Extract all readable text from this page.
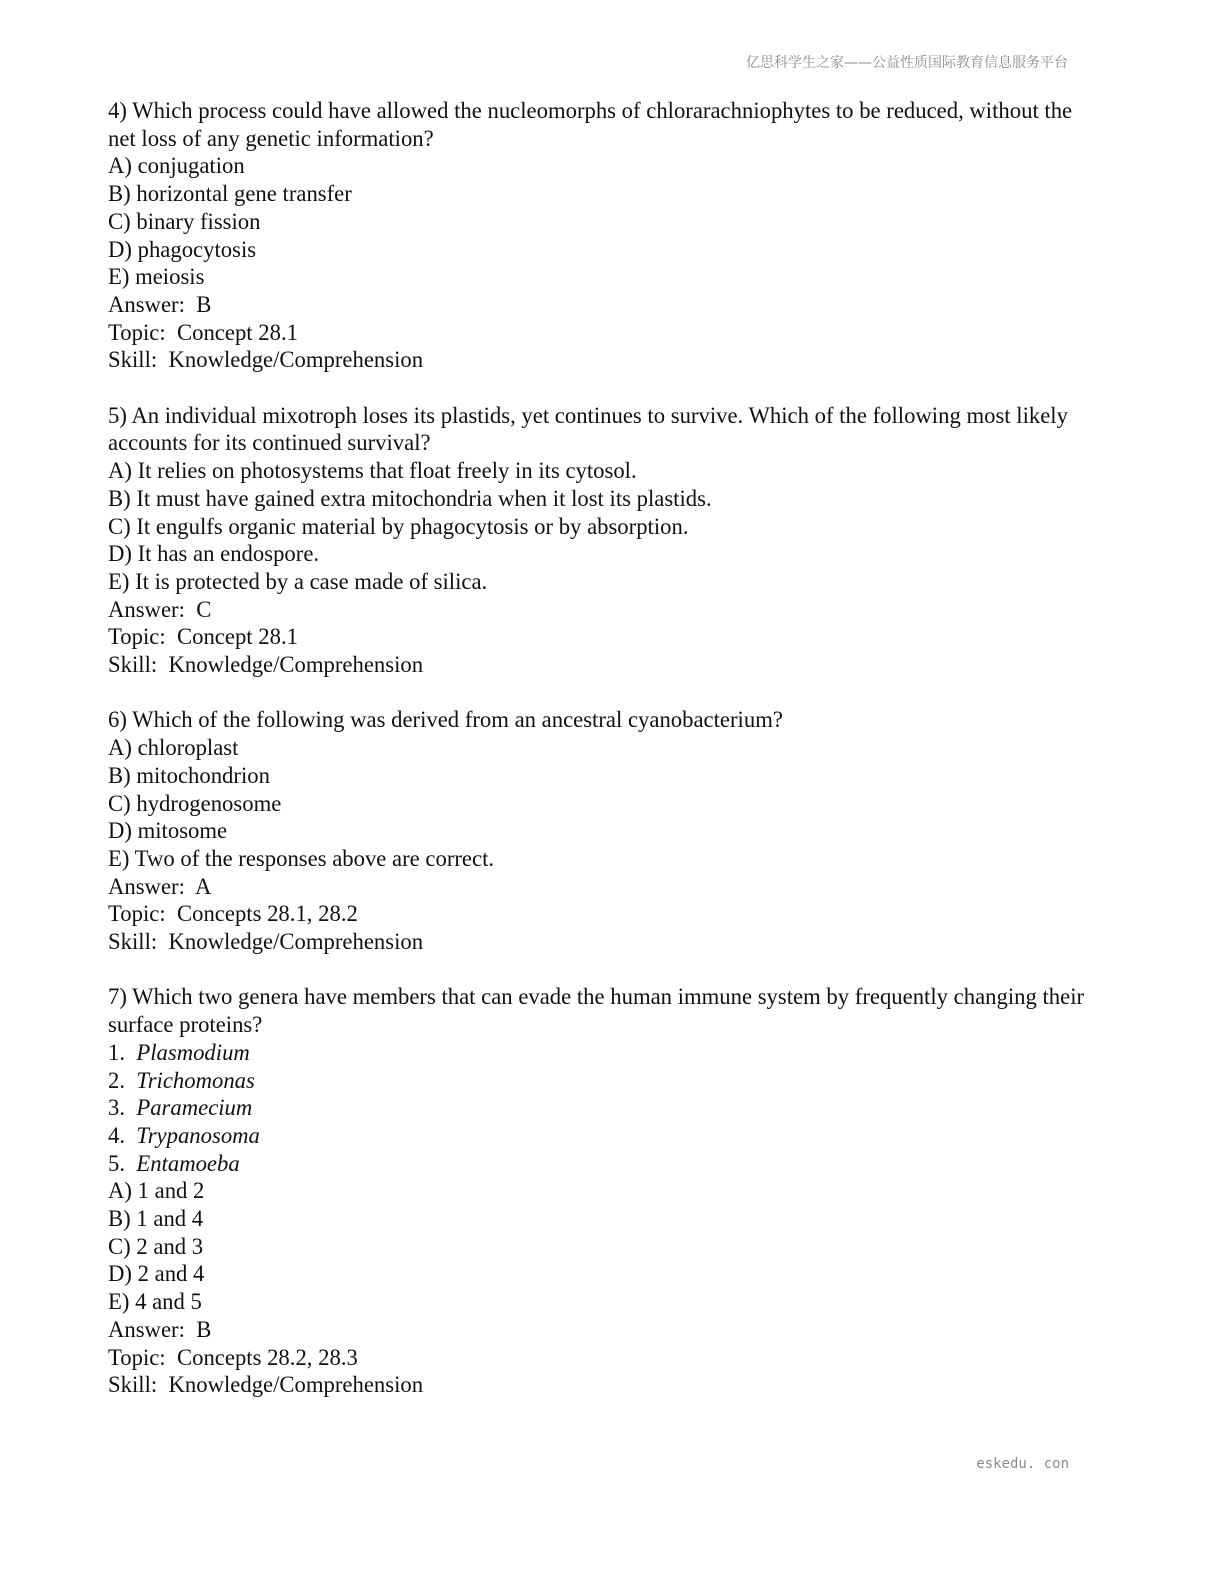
亿思科学生之家——公益性质国际教育信息服务平台
4) Which process could have allowed the nucleomorphs of chlorarachniophytes to be reduced, without the net loss of any genetic information?
A) conjugation
B) horizontal gene transfer
C) binary fission
D) phagocytosis
E) meiosis
Answer:  B
Topic:  Concept 28.1
Skill:  Knowledge/Comprehension
5) An individual mixotroph loses its plastids, yet continues to survive. Which of the following most likely accounts for its continued survival?
A) It relies on photosystems that float freely in its cytosol.
B) It must have gained extra mitochondria when it lost its plastids.
C) It engulfs organic material by phagocytosis or by absorption.
D) It has an endospore.
E) It is protected by a case made of silica.
Answer:  C
Topic:  Concept 28.1
Skill:  Knowledge/Comprehension
6) Which of the following was derived from an ancestral cyanobacterium?
A) chloroplast
B) mitochondrion
C) hydrogenosome
D) mitosome
E) Two of the responses above are correct.
Answer:  A
Topic:  Concepts 28.1, 28.2
Skill:  Knowledge/Comprehension
7) Which two genera have members that can evade the human immune system by frequently changing their surface proteins?
1. Plasmodium
2. Trichomonas
3. Paramecium
4. Trypanosoma
5. Entamoeba
A) 1 and 2
B) 1 and 4
C) 2 and 3
D) 2 and 4
E) 4 and 5
Answer:  B
Topic:  Concepts 28.2, 28.3
Skill:  Knowledge/Comprehension
eskedu. con
